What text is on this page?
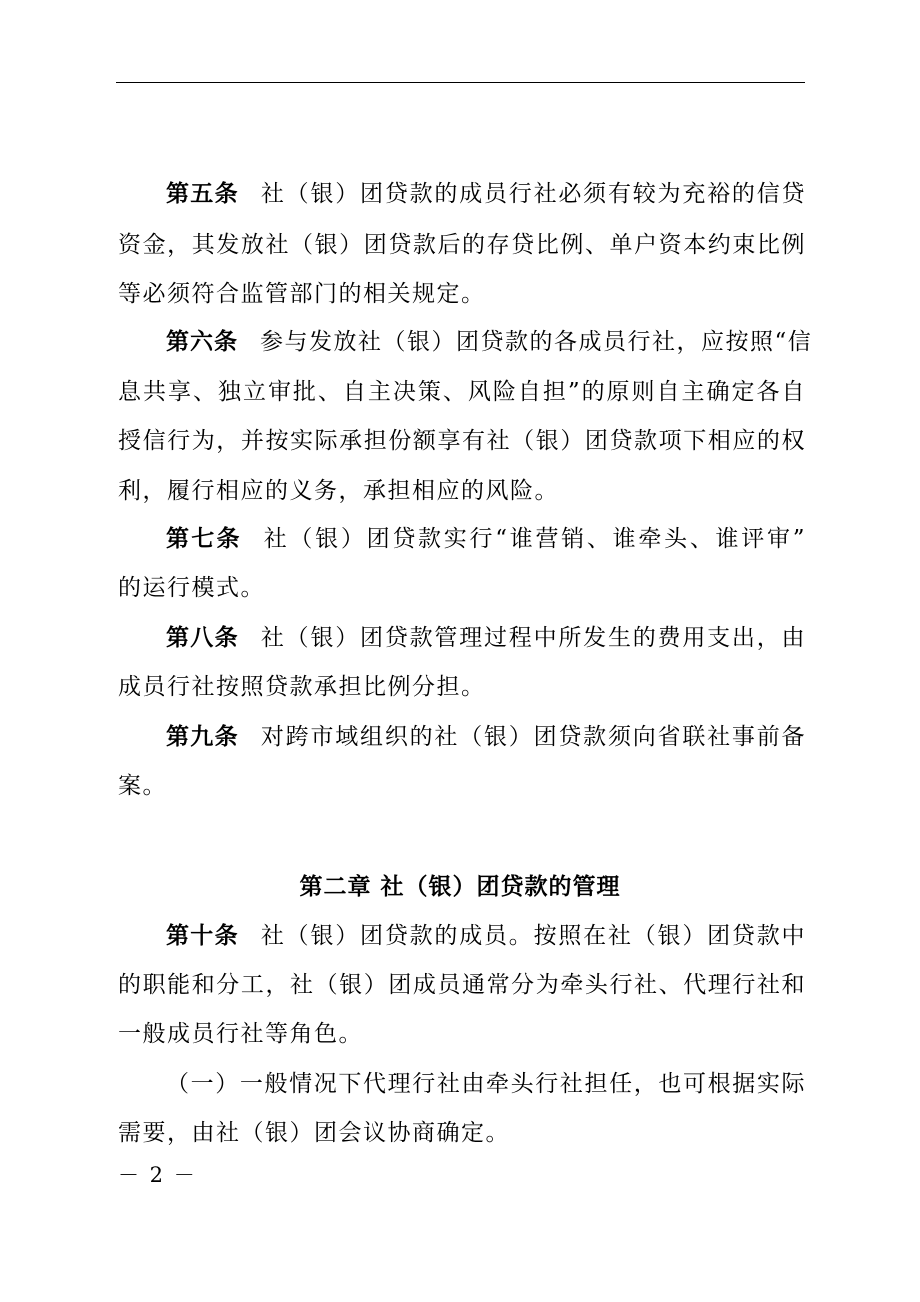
第五条 社（银）团贷款的成员行社必须有较为充裕的信贷
资金，其发放社（银）团贷款后的存贷比例、单户资本约束比例
等必须符合监管部门的相关规定。
第六条 参与发放社（银）团贷款的各成员行社，应按照“信
息共享、独立审批、自主决策、风险自担”的原则自主确定各自
授信行为，并按实际承担份额享有社（银）团贷款项下相应的权
利，履行相应的义务，承担相应的风险。
第七条 社（银）团贷款实行“谁营销、谁牵头、谁评审”
的运行模式。
第八条 社（银）团贷款管理过程中所发生的费用支出，由
成员行社按照贷款承担比例分担。
第九条 对跨市域组织的社（银）团贷款须向省联社事前备
案。
第二章 社（银）团贷款的管理
第十条 社（银）团贷款的成员。按照在社（银）团贷款中
的职能和分工，社（银）团成员通常分为牵头行社、代理行社和
一般成员行社等角色。
（一）一般情况下代理行社由牵头行社担任，也可根据实际
需要，由社（银）团会议协商确定。
－ 2 －
